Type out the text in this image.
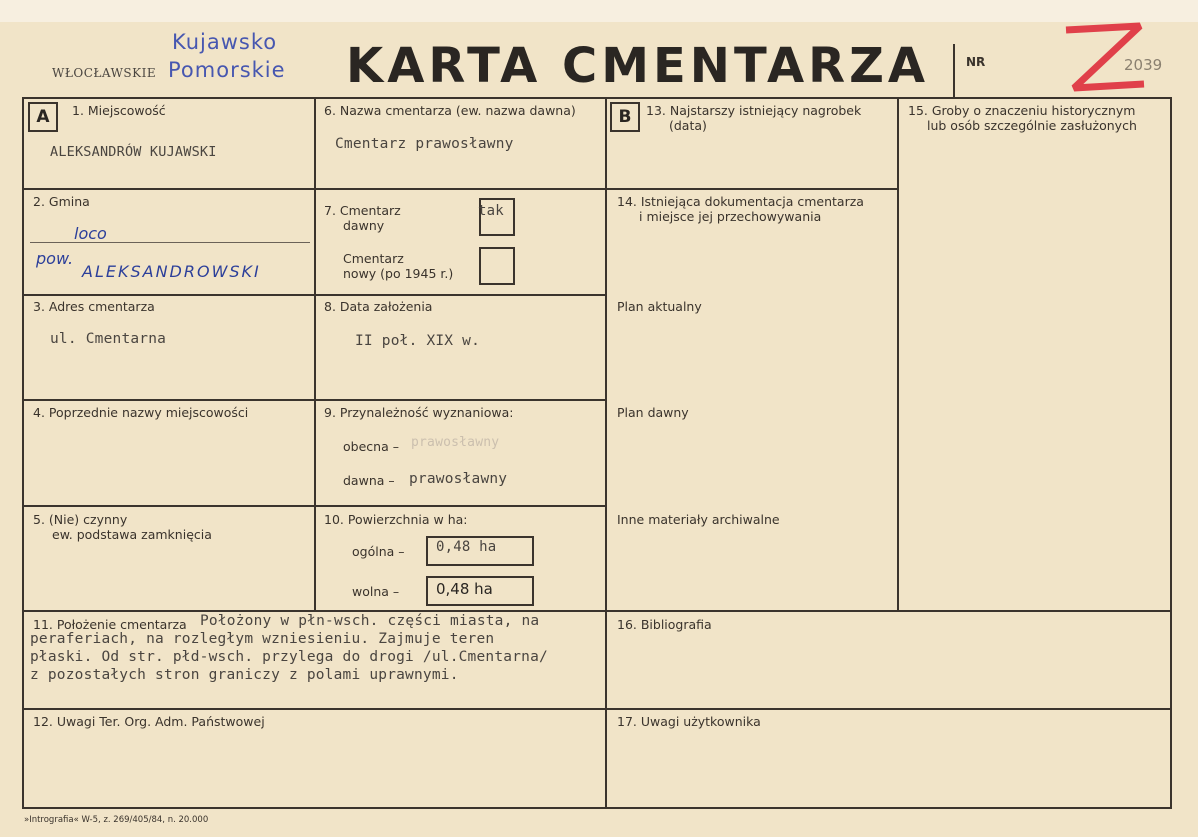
Kujawsko
Pomorskie
WŁOCŁAWSKIE	KARTA CMENTARZA	NR	2039
A	B
1. Miejscowość
ALEKSANDRÓW KUJAWSKI
2. Gmina
loco
pow.
ALEKSANDROWSKI
3. Adres cmentarza
ul. Cmentarna
4. Poprzednie nazwy miejscowości
5. (Nie) czynny
ew. podstawa zamknięcia
6. Nazwa cmentarza (ew. nazwa dawna)
Cmentarz prawosławny
7. Cmentarz
dawny
tak
Cmentarz
nowy (po 1945 r.)
8. Data założenia
II poł. XIX w.
9. Przynależność wyznaniowa:
obecna – prawosławny
dawna – prawosławny
10. Powierzchnia w ha:
ogólna – 0,48 ha
wolna – 0,48 ha
11. Położenie cmentarza Położony w płn-wsch. części miasta, na
peraferiach, na rozległym wzniesieniu. Zajmuje teren
płaski. Od str. płd-wsch. przylega do drogi /ul.Cmentarna/
z pozostałych stron graniczy z polami uprawnymi.
12. Uwagi Ter. Org. Adm. Państwowej
13. Najstarszy istniejący nagrobek
(data)
14. Istniejąca dokumentacja cmentarza
i miejsce jej przechowywania
Plan aktualny
Plan dawny
Inne materiały archiwalne
15. Groby o znaczeniu historycznym
lub osób szczególnie zasłużonych
16. Bibliografia
17. Uwagi użytkownika
»Intrografia« W-5, z. 269/405/84, n. 20.000
